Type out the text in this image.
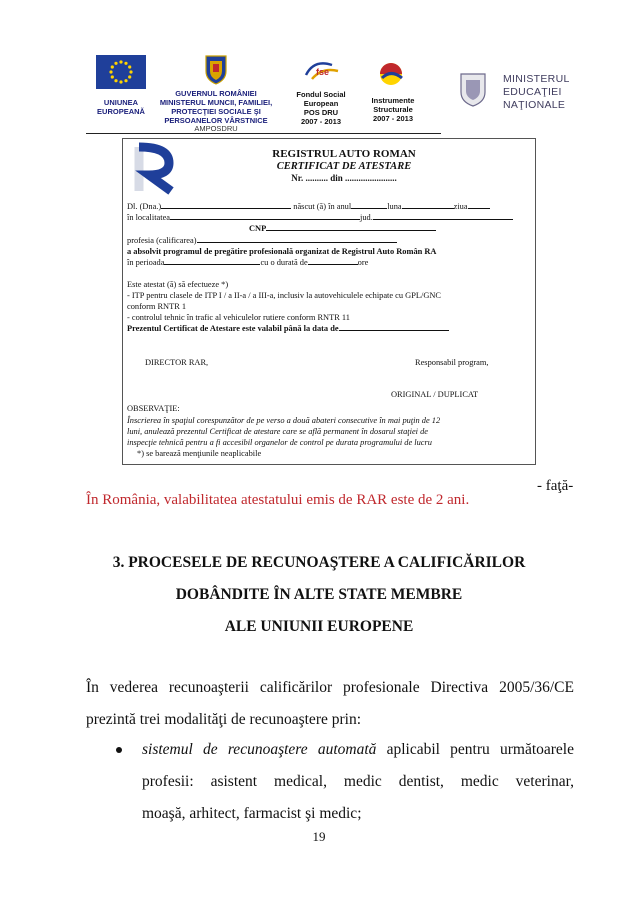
UNIUNEA
EUROPEANĂ
GUVERNUL ROMÂNIEI
MINISTERUL MUNCII, FAMILIEI,
PROTECŢIEI SOCIALE ŞI
PERSOANELOR VÂRSTNICE
AMPOSDRU
fse
Fondul Social
European
POS DRU
2007 - 2013
Instrumente
Structurale
2007 - 2013
MINISTERUL
EDUCAŢIEI
NAŢIONALE
REGISTRUL AUTO ROMAN
CERTIFICAT DE ATESTARE
Nr. .......... din .......................
Dl. (Dna.)	născut (ă) în anul	luna	ziua
în localitatea	jud.
CNP
profesia (calificarea)
a absolvit programul de pregătire profesională organizat de Registrul Auto Român RA
în perioada	cu o durată de	ore
Este atestat (ă) să efectueze *)
- ITP pentru clasele de ITP I / a II-a / a III-a, inclusiv la autovehiculele echipate cu GPL/GNC
conform RNTR 1
- controlul tehnic în trafic al vehiculelor rutiere conform RNTR 11
Prezentul Certificat de Atestare este valabil până la data de
DIRECTOR RAR,	Responsabil program,
ORIGINAL / DUPLICAT
OBSERVAŢIE:
Înscrierea în spaţiul corespunzător de pe verso a două abateri consecutive în mai puţin de 12
luni, anulează prezentul Certificat de atestare care se află permanent în dosarul staţiei de
inspecţie tehnică pentru a fi accesibil organelor de control pe durata programului de lucru
*) se barează menţiunile neaplicabile
- faţă-
În România, valabilitatea atestatului emis de RAR este de 2 ani.
3. PROCESELE DE RECUNOAŞTERE A CALIFICĂRILOR
DOBÂNDITE ÎN ALTE STATE MEMBRE
ALE UNIUNII EUROPENE
În vederea recunoaşterii calificărilor profesionale Directiva 2005/36/CE
prezintă trei modalităţi de recunoaştere prin:
sistemul de recunoaştere automată aplicabil pentru următoarele
profesii: asistent medical, medic dentist, medic veterinar,
moaşă, arhitect, farmacist şi medic;
19
